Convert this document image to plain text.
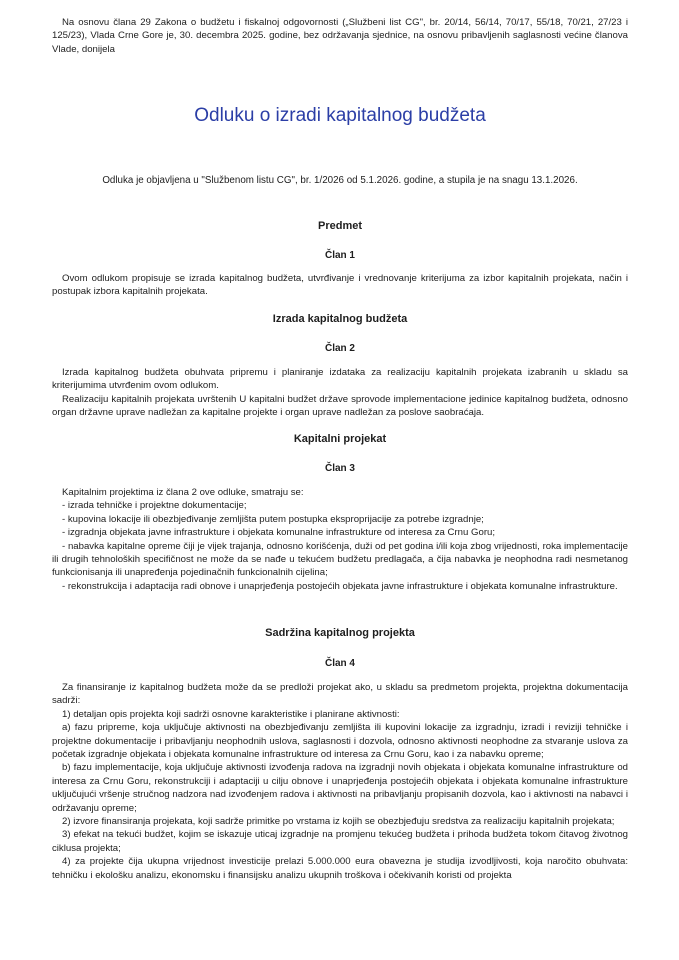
Na osnovu člana 29 Zakona o budžetu i fiskalnoj odgovornosti („Službeni list CG", br. 20/14, 56/14, 70/17, 55/18, 70/21, 27/23 i 125/23), Vlada Crne Gore je, 30. decembra 2025. godine, bez održavanja sjednice, na osnovu pribavljenih saglasnosti većine članova Vlade, donijela

Odluku o izradi kapitalnog budžeta
Odluka je objavljena u "Službenom listu CG", br. 1/2026 od 5.1.2026. godine, a stupila je na snagu 13.1.2026.
Predmet
Član 1

Ovom odlukom propisuje se izrada kapitalnog budžeta, utvrđivanje i vrednovanje kriterijuma za izbor kapitalnih projekata, način i postupak izbora kapitalnih projekata.

Izrada kapitalnog budžeta
Član 2

Izrada kapitalnog budžeta obuhvata pripremu i planiranje izdataka za realizaciju kapitalnih projekata izabranih u skladu sa kriterijumima utvrđenim ovom odlukom.

Realizaciju kapitalnih projekata uvrštenih U kapitalni budžet države sprovode implementacione jedinice kapitalnog budžeta, odnosno organ državne uprave nadležan za kapitalne projekte i organ uprave nadležan za poslove saobraćaja.

Kapitalni projekat
Član 3

Kapitalnim projektima iz člana 2 ove odluke, smatraju se:

- izrada tehničke i projektne dokumentacije;

- kupovina lokacije ili obezbjeđivanje zemljišta putem postupka eksproprijacije za potrebe izgradnje;

- izgradnja objekata javne infrastrukture i objekata komunalne infrastrukture od interesa za Crnu Goru;

- nabavka kapitalne opreme čiji je vijek trajanja, odnosno korišćenja, duži od pet godina i/ili koja zbog vrijednosti, roka implementacije ili drugih tehnoloških specifičnost ne može da se nađe u tekućem budžetu predlagača, a čija nabavka je neophodna radi nesmetanog funkcionisanja ili unapređenja pojedinačnih funkcionalnih cijelina;

- rekonstrukcija i adaptacija radi obnove i unaprjeđenja postojećih objekata javne infrastrukture i objekata komunalne infrastrukture.

Sadržina kapitalnog projekta
Član 4

Za finansiranje iz kapitalnog budžeta može da se predloži projekat ako, u skladu sa predmetom projekta, projektna dokumentacija sadrži:

1) detaljan opis projekta koji sadrži osnovne karakteristike i planirane aktivnosti:

a) fazu pripreme, koja uključuje aktivnosti na obezbjeđivanju zemljišta ili kupovini lokacije za izgradnju, izradi i reviziji tehničke i projektne dokumentacije i pribavljanju neophodnih uslova, saglasnosti i dozvola, odnosno aktivnosti neophodne za stvaranje uslova za početak izgradnje objekata i objekata komunalne infrastrukture od interesa za Crnu Goru, kao i za nabavku opreme;

b) fazu implementacije, koja uključuje aktivnosti izvođenja radova na izgradnji novih objekata i objekata komunalne infrastrukture od interesa za Crnu Goru, rekonstrukciji i adaptaciji u cilju obnove i unaprjeđenja postojećih objekata i objekata komunalne infrastrukture uključujući vršenje stručnog nadzora nad izvođenjem radova i aktivnosti na pribavljanju propisanih dozvola, kao i aktivnosti na nabavci i održavanju opreme;

2) izvore finansiranja projekata, koji sadrže primitke po vrstama iz kojih se obezbjeđuju sredstva za realizaciju kapitalnih projekata;

3) efekat na tekući budžet, kojim se iskazuje uticaj izgradnje na promjenu tekućeg budžeta i prihoda budžeta tokom čitavog životnog ciklusa projekta;

4) za projekte čija ukupna vrijednost investicije prelazi 5.000.000 eura obavezna je studija izvodljivosti, koja naročito obuhvata: tehničku i ekološku analizu, ekonomsku i finansijsku analizu ukupnih troškova i očekivanih koristi od projekta
